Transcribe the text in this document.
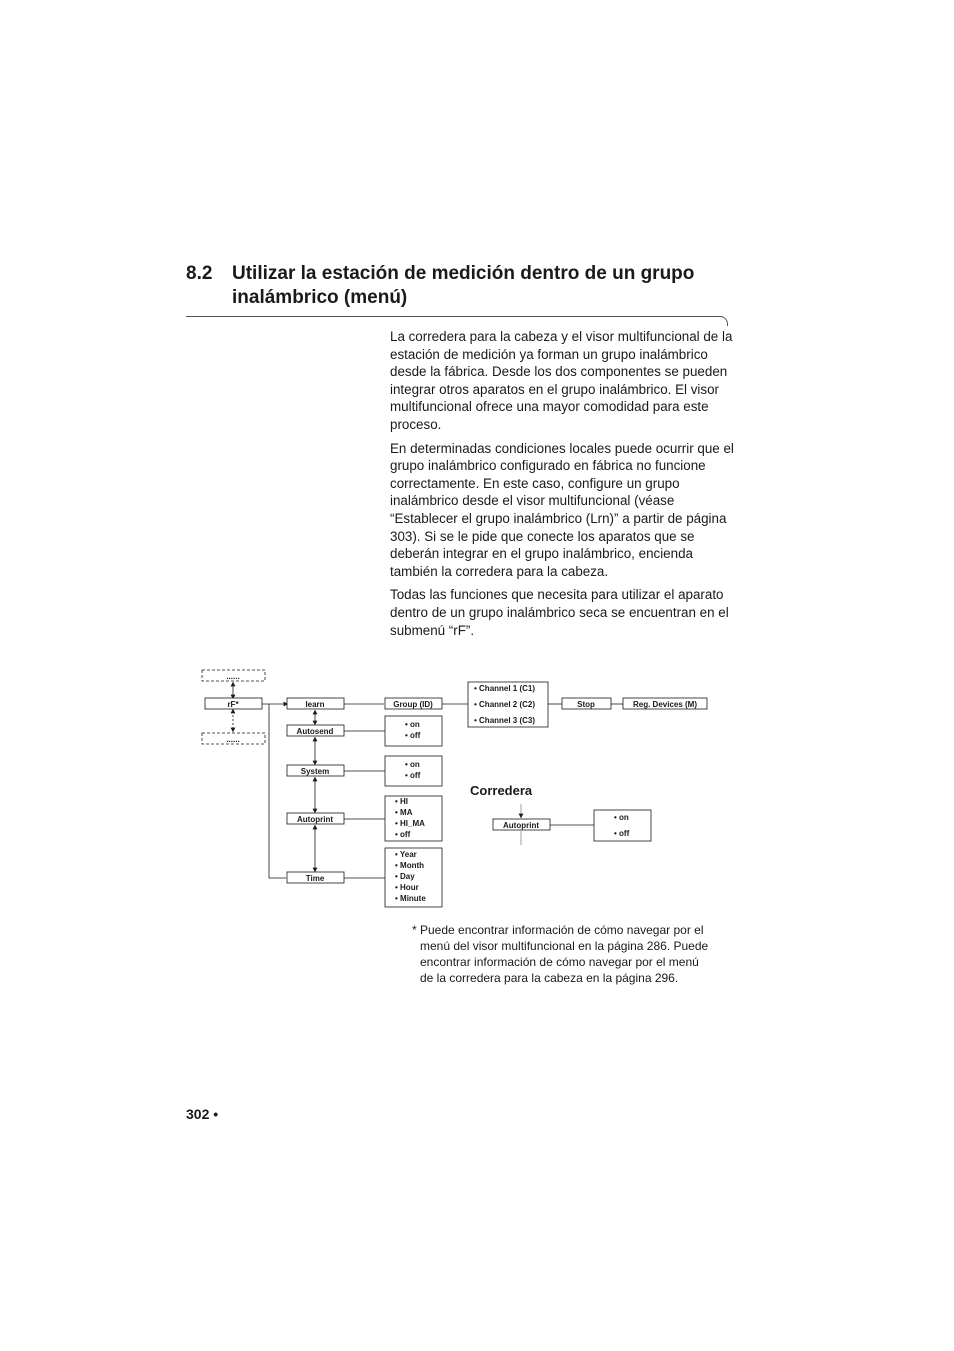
8.2 Utilizar la estación de medición dentro de un grupo inalámbrico (menú)

La corredera para la cabeza y el visor multifuncional de la estación de medición ya forman un grupo inalámbrico desde la fábrica. Desde los dos componentes se pueden integrar otros aparatos en el grupo inalámbrico. El visor multifuncional ofrece una mayor comodidad para este proceso.

En determinadas condiciones locales puede ocurrir que el grupo inalámbrico configurado en fábrica no funcione correctamente. En este caso, configure un grupo inalámbrico desde el visor multifuncional (véase “Establecer el grupo inalámbrico (Lrn)” a partir de página 303). Si se le pide que conecte los aparatos que se deberán integrar en el grupo inalámbrico, encienda también la corredera para la cabeza.

Todas las funciones que necesita para utilizar el aparato dentro de un grupo inalámbrico seca se encuentran en el submenú “rF”.

......
rF*
......
learn
Autosend
System
Autoprint
Time
Group (ID)
• Channel 1 (C1)
• Channel 2 (C2)
• Channel 3 (C3)
Stop	Reg. Devices (M)
• on
• off
• on
• off
• HI
• MA
• HI_MA
• off
• Year
• Month
• Day
• Hour
• Minute
Corredera
Autoprint
• on
• off
* Puede encontrar información de cómo navegar por el menú del visor multifuncional en la página 286. Puede encontrar información de cómo navegar por el menú de la corredera para la cabeza en la página 296.
302 •
